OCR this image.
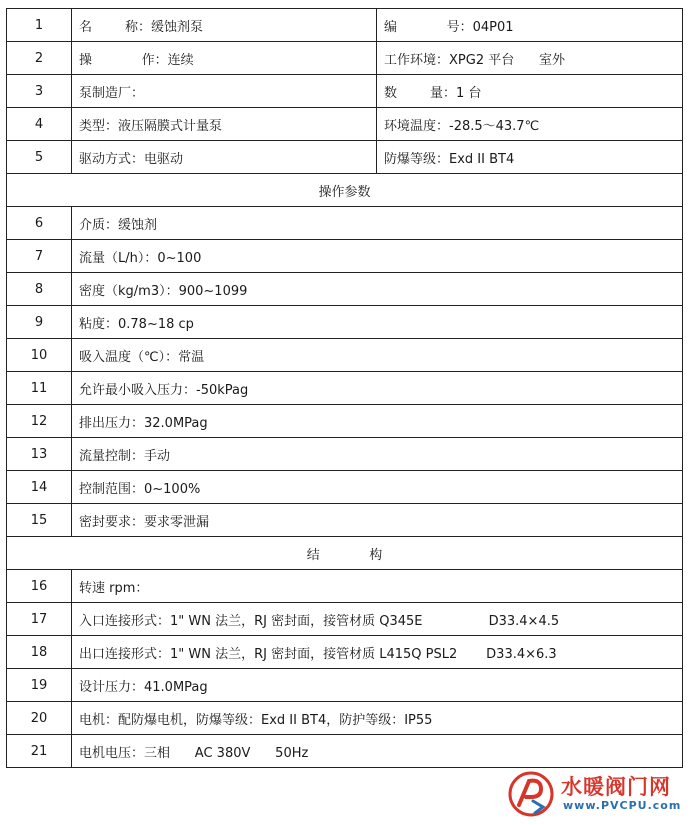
1	名        称：缓蚀剂泵	编            号：04P01
2	操            作：连续	工作环境：XPG2 平台      室外
3	泵制造厂：	数        量：1 台
4	类型：液压隔膜式计量泵	环境温度：-28.5～43.7℃
5	驱动方式：电驱动	防爆等级：Exd II BT4
操作参数		
6	介质：缓蚀剂	
7	流量（L/h）：0~100	
8	密度（kg/m3）：900~1099	
9	粘度：0.78~18 cp	
10	吸入温度（℃）：常温	
11	允许最小吸入压力：-50kPag	
12	排出压力：32.0MPag	
13	流量控制：手动	
14	控制范围：0~100%	
15	密封要求：要求零泄漏	
结            构		
16	转速 rpm：	
17	入口连接形式：1" WN 法兰，RJ 密封面，接管材质 Q345E                D33.4×4.5	
18	出口连接形式：1" WN 法兰，RJ 密封面，接管材质 L415Q PSL2       D33.4×6.3	
19	设计压力：41.0MPag	
20	电机：配防爆电机，防爆等级：Exd II BT4，防护等级：IP55	
21	电机电压：三相      AC 380V      50Hz	
水暖阀门网
www.PVCPU.com
